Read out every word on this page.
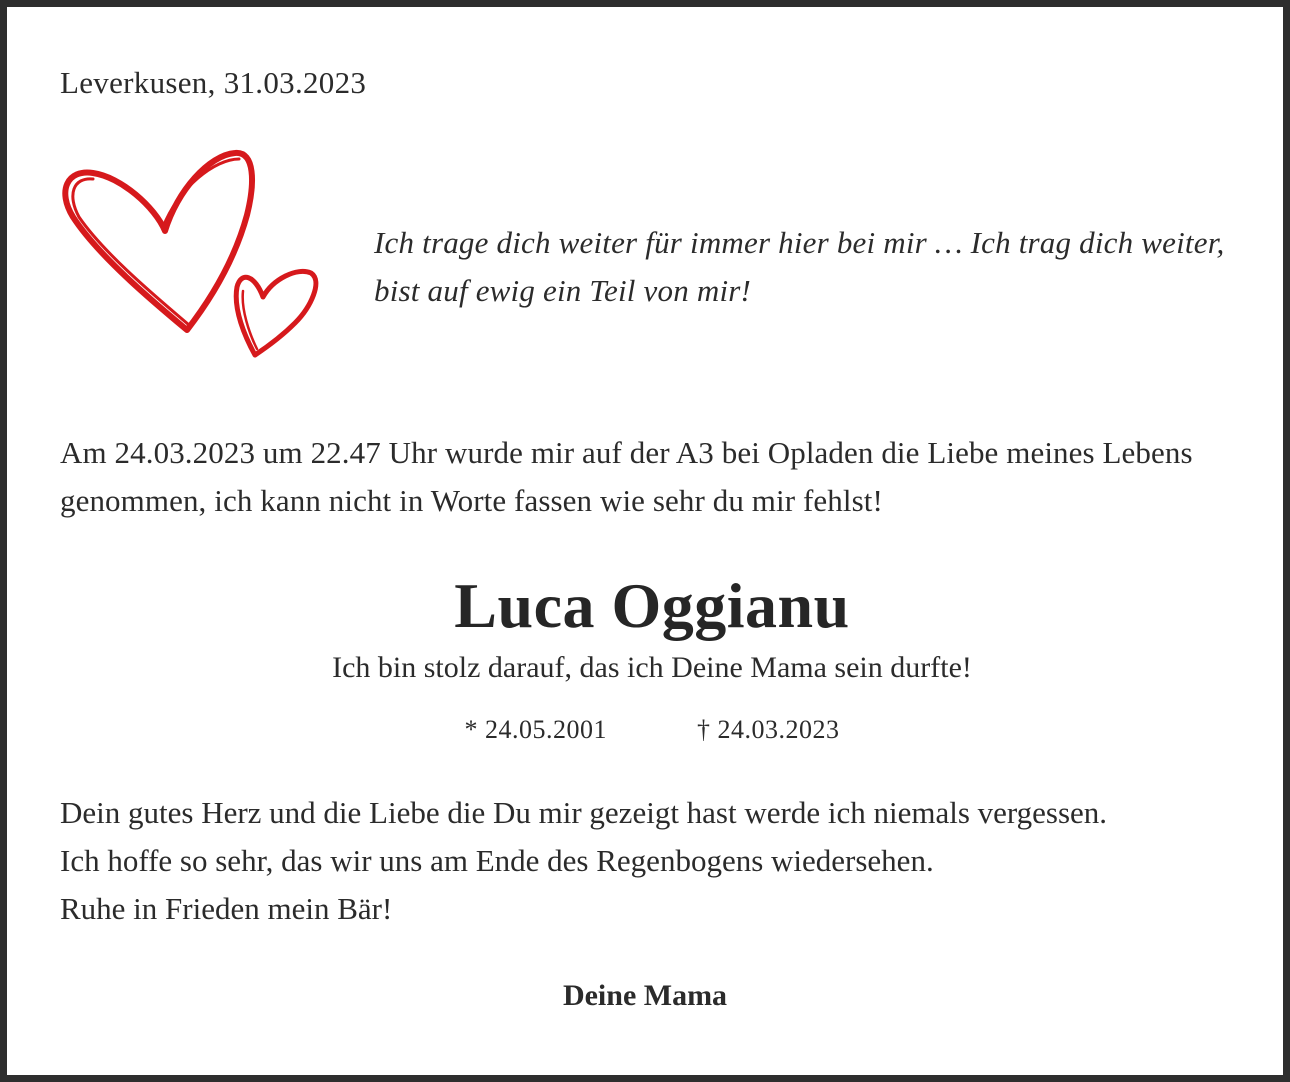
Leverkusen, 31.03.2023
Ich trage dich weiter für immer hier bei mir … Ich trag dich weiter, bist auf ewig ein Teil von mir!
Am 24.03.2023 um 22.47 Uhr wurde mir auf der A3 bei Opladen die Liebe meines Lebens genommen, ich kann nicht in Worte fassen wie sehr du mir fehlst!
Luca Oggianu
Ich bin stolz darauf, das ich Deine Mama sein durfte!
* 24.05.2001	† 24.03.2023
Dein gutes Herz und die Liebe die Du mir gezeigt hast werde ich niemals vergessen.
Ich hoffe so sehr, das wir uns am Ende des Regenbogens wiedersehen.
Ruhe in Frieden mein Bär!
Deine Mama
